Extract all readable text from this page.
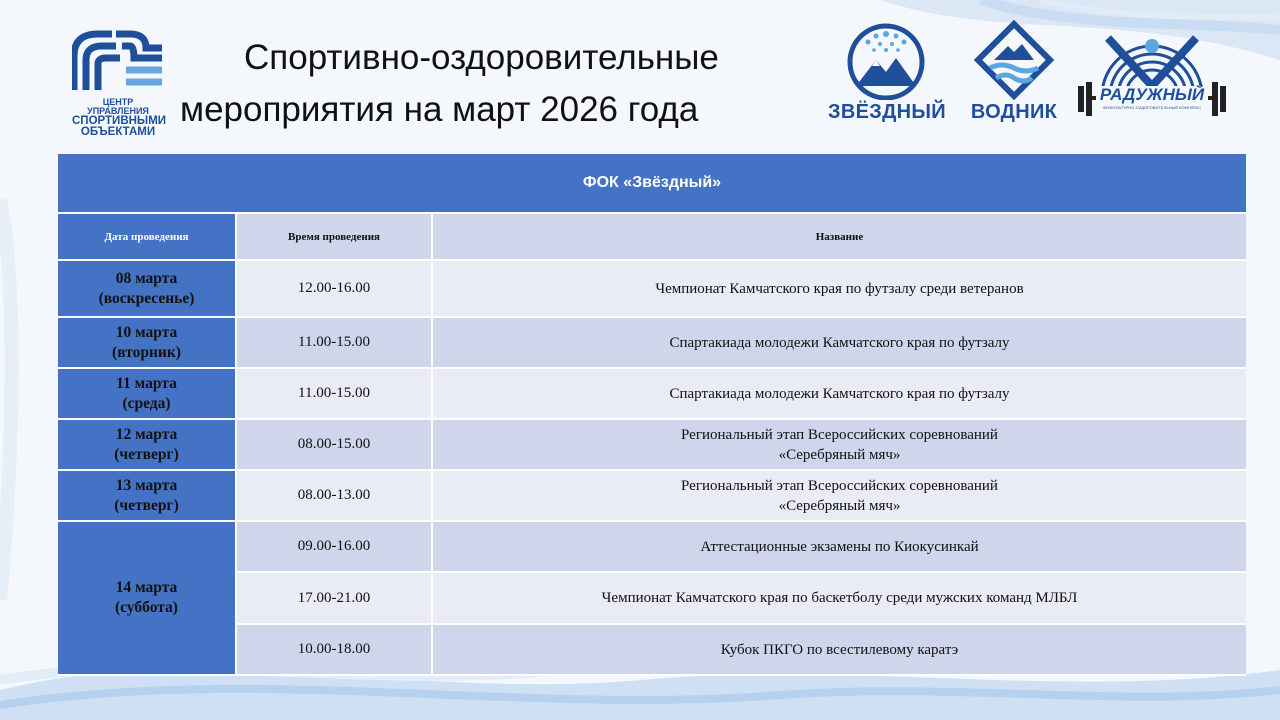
ЦЕНТР УПРАВЛЕНИЯ
СПОРТИВНЫМИ
ОБЪЕКТАМИ
Спортивно-оздоровительные
мероприятия на март 2026 года	ЗВЁЗДНЫЙ	ВОДНИК
РАДУЖНЫЙ
ФИЗКУЛЬТУРНО-ОЗДОРОВИТЕЛЬНЫЙ КОМПЛЕКС
ФОК «Звёздный»		
Дата проведения	Время проведения	Название

08 марта
(воскресенье)	12.00-16.00	Чемпионат Камчатского края по футзалу среди ветеранов

10 марта
(вторник)	11.00-15.00	Спартакиада молодежи Камчатского края по футзалу

11 марта
(среда)	11.00-15.00	Спартакиада молодежи Камчатского края по футзалу

12 марта
(четверг)	08.00-15.00	Региональный этап Всероссийских соревнований
«Серебряный мяч»

13 марта
(четверг)	08.00-13.00	Региональный этап Всероссийских соревнований
«Серебряный мяч»

14 марта
(суббота)	09.00-16.00	Аттестационные экзамены по Киокусинкай

	17.00-21.00	Чемпионат Камчатского края по баскетболу среди мужских команд МЛБЛ

	10.00-18.00	Кубок ПКГО по всестилевому каратэ
